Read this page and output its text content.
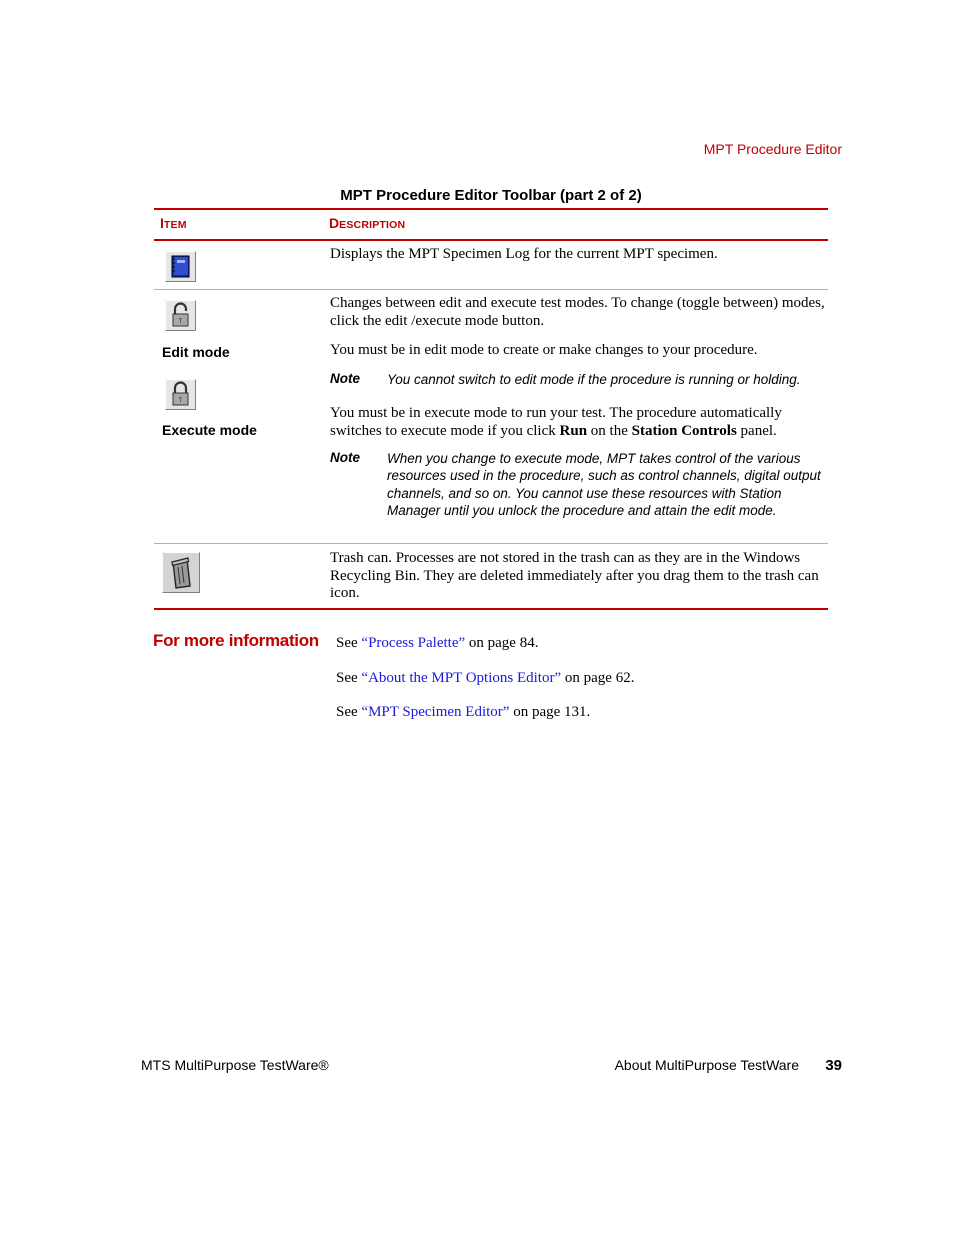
MPT Procedure Editor
MPT Procedure Editor Toolbar (part 2 of 2)
ITEM	DESCRIPTION
Displays the MPT Specimen Log for the current MPT specimen.
T
Edit mode
T
Execute mode
Changes between edit and execute test modes. To change (toggle between) modes, click the edit /execute mode button.
You must be in edit mode to create or make changes to your procedure.
Note You cannot switch to edit mode if the procedure is running or holding.
You must be in execute mode to run your test. The procedure automatically switches to execute mode if you click Run on the Station Controls panel.
Note When you change to execute mode, MPT takes control of the various resources used in the procedure, such as control channels, digital output channels, and so on. You cannot use these resources with Station Manager until you unlock the procedure and attain the edit mode.
Trash can. Processes are not stored in the trash can as they are in the Windows Recycling Bin. They are deleted immediately after you drag them to the trash can icon.
For more information See “Process Palette” on page 84.
See “About the MPT Options Editor” on page 62.
See “MPT Specimen Editor” on page 131.
MTS MultiPurpose TestWare®	About MultiPurpose TestWare 39
